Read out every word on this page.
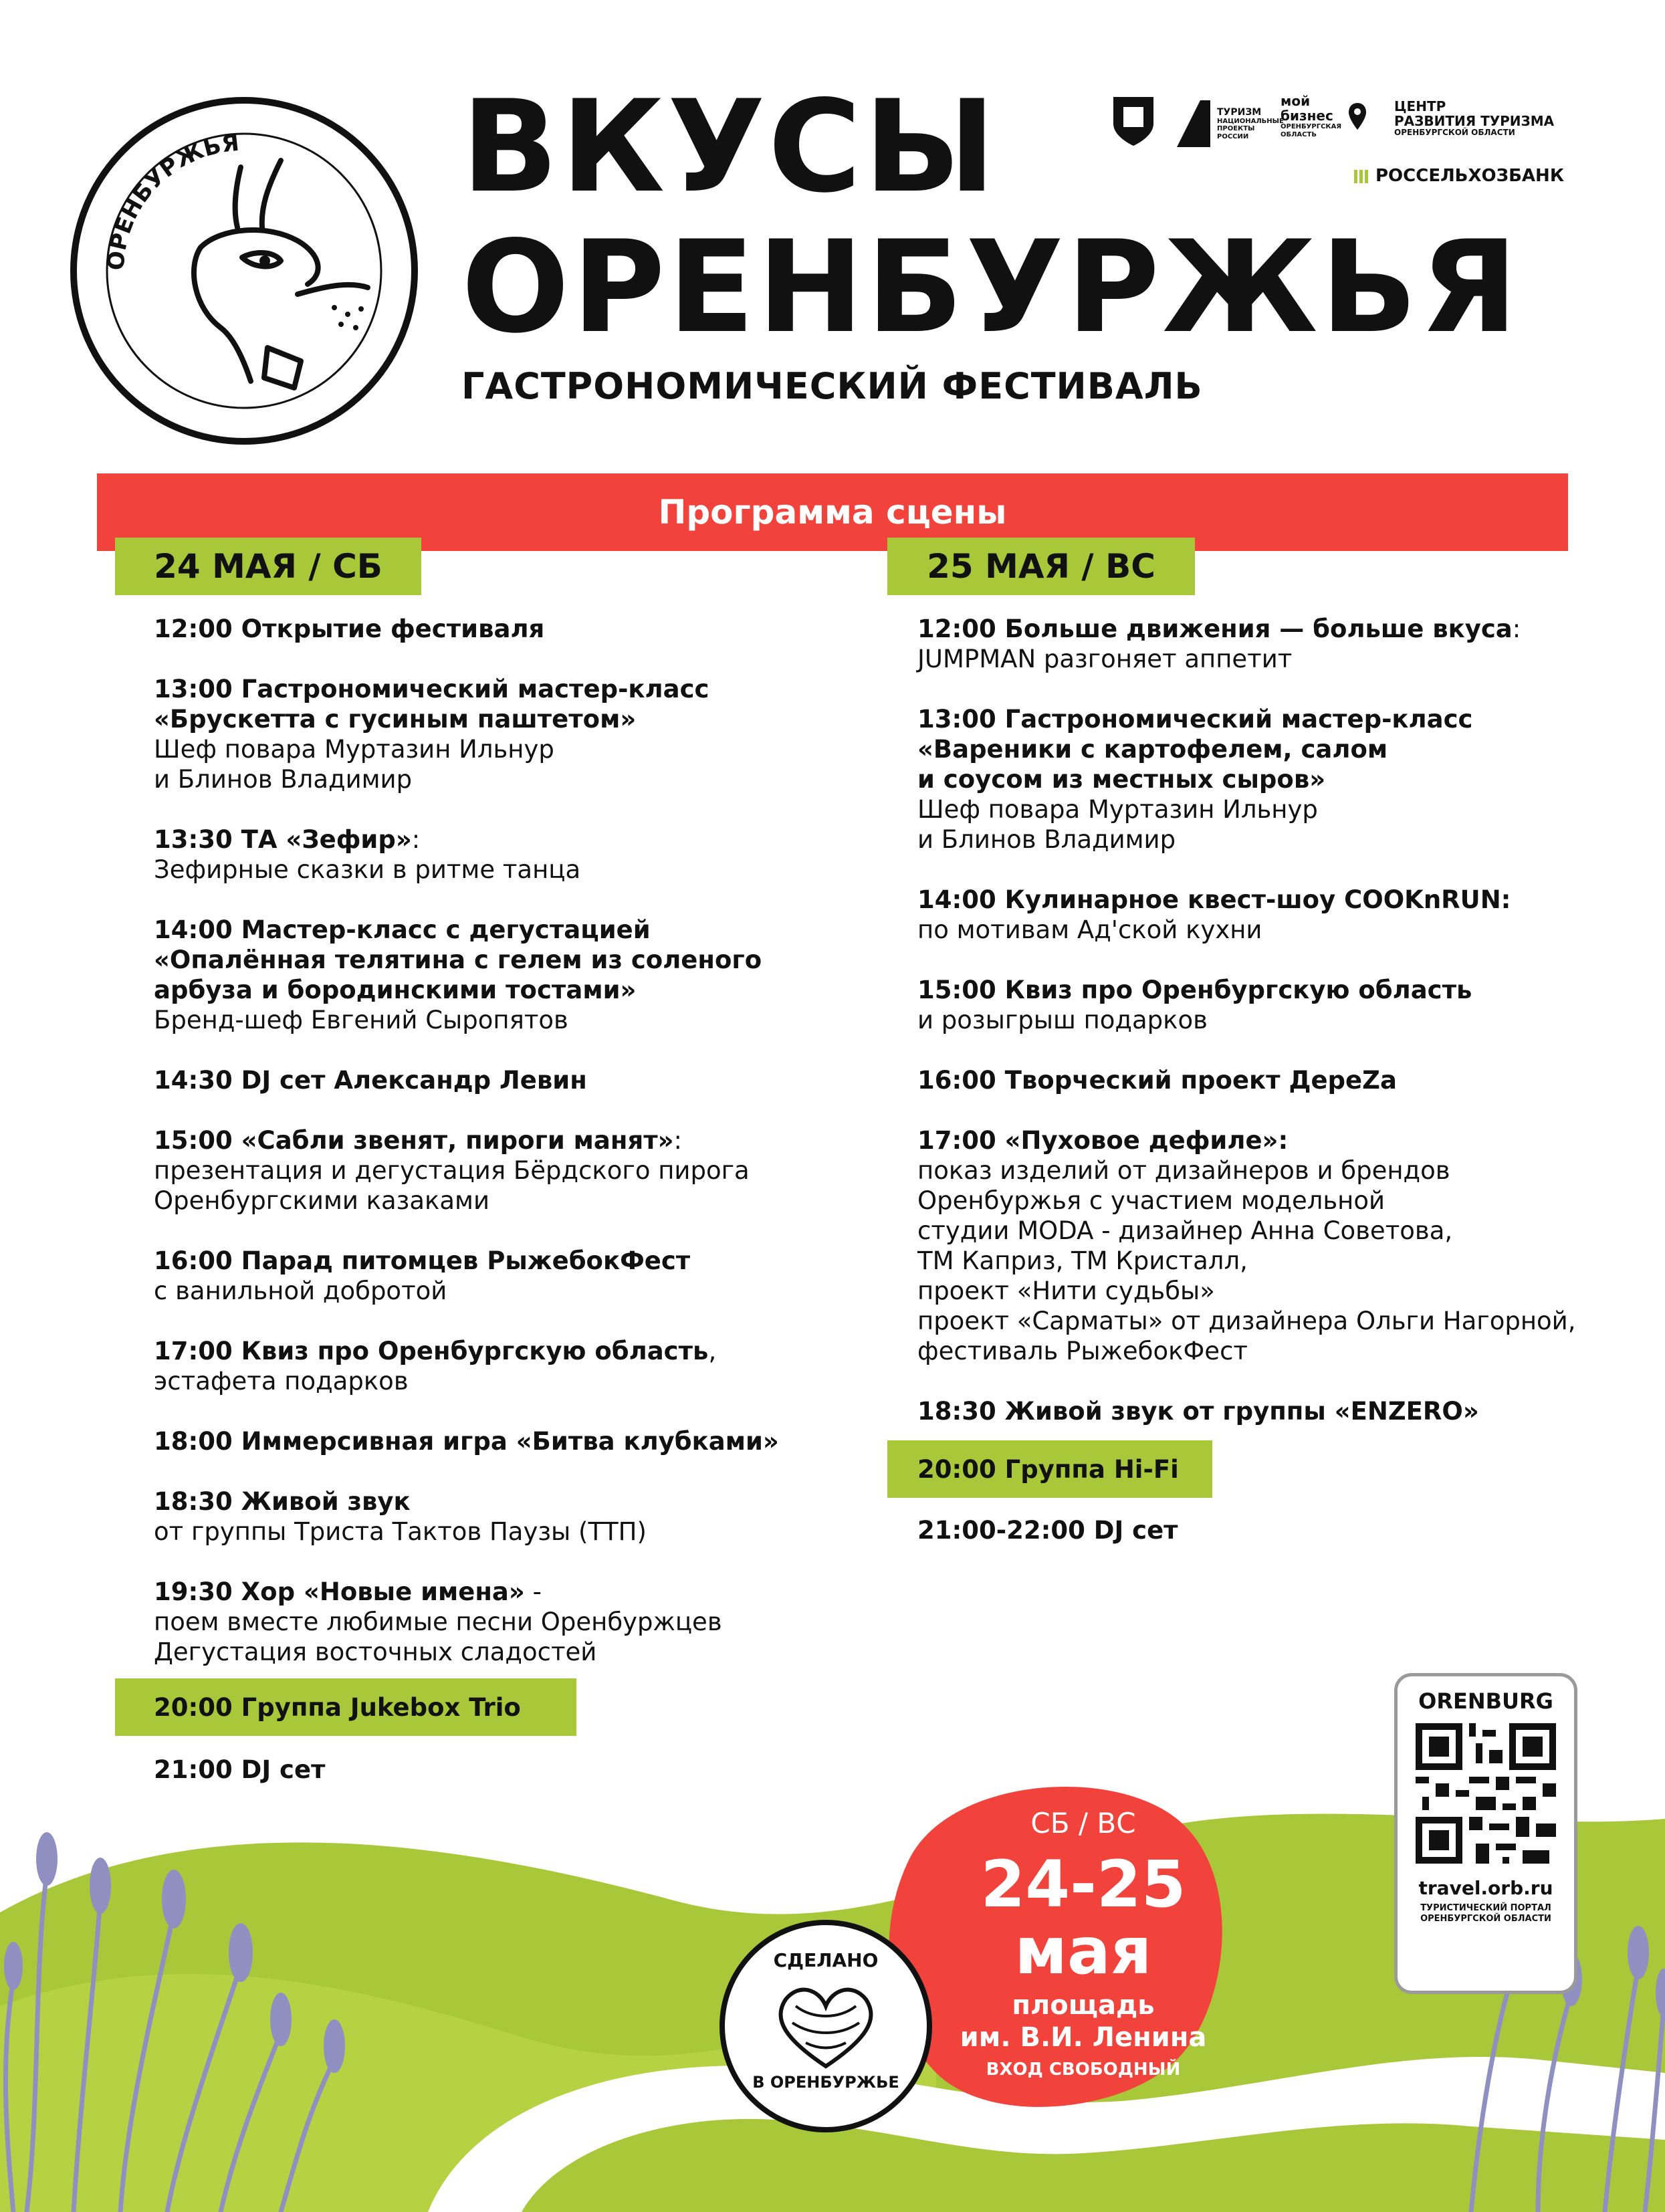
ОРЕНБУРЖЬЯ ВКУСЫ
ОРЕНБУРЖЬЯ
ГАСТРОНОМИЧЕСКИЙ ФЕСТИВАЛЬ
ТУРИЗМ
НАЦИОНАЛЬНЫЕ ПРОЕКТЫ РОССИИ
мой
бизнес
ОРЕНБУРГСКАЯ ОБЛАСТЬ
ЦЕНТР
РАЗВИТИЯ ТУРИЗМА
ОРЕНБУРГСКОЙ ОБЛАСТИ
РОССЕЛЬХОЗБАНК
Программа сцены
24 МАЯ / СБ	25 МАЯ / ВС
12:00 Открытие фестиваля
13:00 Гастрономический мастер-класс
«Брускетта с гусиным паштетом»
Шеф повара Муртазин Ильнур
и Блинов Владимир
13:30 ТА «Зефир»:
Зефирные сказки в ритме танца
14:00 Мастер-класс с дегустацией
«Опалённая телятина с гелем из соленого
арбуза и бородинскими тостами»
Бренд-шеф Евгений Сыропятов
14:30 DJ сет Александр Левин
15:00 «Сабли звенят, пироги манят»:
презентация и дегустация Бёрдского пирога
Оренбургскими казаками
16:00 Парад питомцев РыжебокФест
с ванильной добротой
17:00 Квиз про Оренбургскую область,
эстафета подарков
18:00 Иммерсивная игра «Битва клубками»
18:30 Живой звук
от группы Триста Тактов Паузы (ТТП)
19:30 Хор «Новые имена» -
поем вместе любимые песни Оренбуржцев
Дегустация восточных сладостей
20:00 Группа Jukebox Trio
21:00 DJ сет
12:00 Больше движения — больше вкуса:
JUMPMAN разгоняет аппетит
13:00 Гастрономический мастер-класс
«Вареники с картофелем, салом
и соусом из местных сыров»
Шеф повара Муртазин Ильнур
и Блинов Владимир
14:00 Кулинарное квест-шоу COOKnRUN:
по мотивам Ад'ской кухни
15:00 Квиз про Оренбургскую область
и розыгрыш подарков
16:00 Творческий проект ДереZa
17:00 «Пуховое дефиле»:
показ изделий от дизайнеров и брендов
Оренбуржья с участием модельной
студии MODA - дизайнер Анна Советова,
ТМ Каприз, ТМ Кристалл,
проект «Нити судьбы»
проект «Сарматы» от дизайнера Ольги Нагорной,
фестиваль РыжебокФест
18:30 Живой звук от группы «ENZERO»
20:00 Группа Hi-Fi
21:00-22:00 DJ сет
СДЕЛАНО
В ОРЕНБУРЖЬЕ
СБ / ВС
24-25
мая
площадь
им. В.И. Ленина
ВХОД СВОБОДНЫЙ
ORENBURG
travel.orb.ru
ТУРИСТИЧЕСКИЙ ПОРТАЛ ОРЕНБУРГСКОЙ ОБЛАСТИ
